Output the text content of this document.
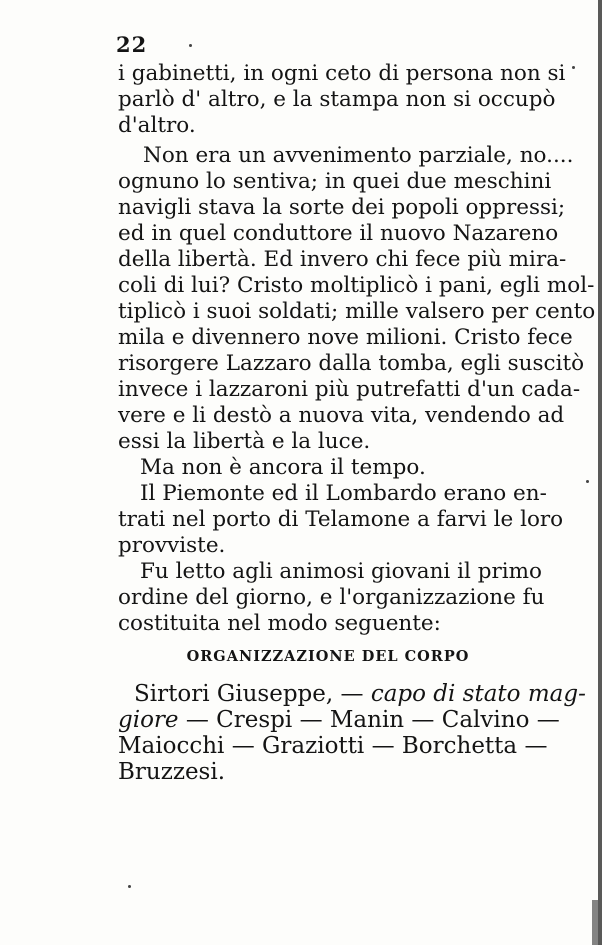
22
i gabinetti, in ogni ceto di persona non si
parlò d' altro, e la stampa non si occupò
d'altro.
Non era un avvenimento parziale, no....
ognuno lo sentiva; in quei due meschini
navigli stava la sorte dei popoli oppressi;
ed in quel conduttore il nuovo Nazareno
della libertà. Ed invero chi fece più mira-
coli di lui? Cristo moltiplicò i pani, egli mol-
tiplicò i suoi soldati; mille valsero per cento
mila e divennero nove milioni. Cristo fece
risorgere Lazzaro dalla tomba, egli suscitò
invece i lazzaroni più putrefatti d'un cada-
vere e li destò a nuova vita, vendendo ad
essi la libertà e la luce.
Ma non è ancora il tempo.
Il Piemonte ed il Lombardo erano en-
trati nel porto di Telamone a farvi le loro
provviste.
Fu letto agli animosi giovani il primo
ordine del giorno, e l'organizzazione fu
costituita nel modo seguente:
ORGANIZZAZIONE DEL CORPO
Sirtori Giuseppe, — capo di stato mag-
giore — Crespi — Manin — Calvino —
Maiocchi — Graziotti — Borchetta —
Bruzzesi.
